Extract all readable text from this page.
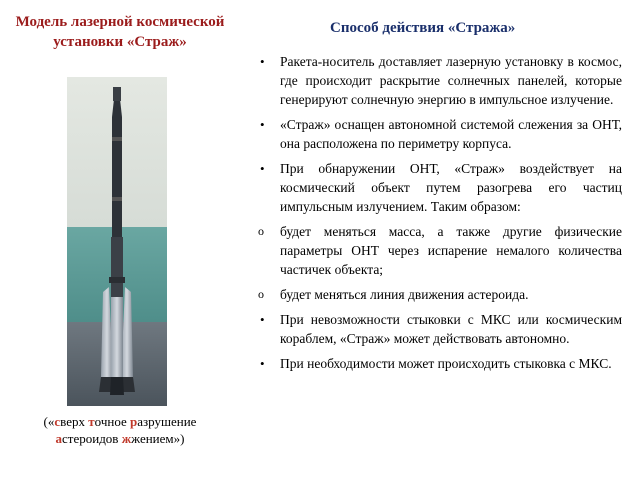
Модель лазерной космической установки «Страж»
(«сверх точное разрушение
астероидов жжением»)
Способ действия «Стража»
• Ракета-носитель доставляет лазерную установку в космос, где происходит раскрытие солнечных панелей, которые генерируют солнечную энергию в импульсное излучение.
• «Страж» оснащен автономной системой слежения за ОНТ, она расположена по периметру корпуса.
• При обнаружении ОНТ, «Страж» воздействует на космический объект путем разогрева его частиц импульсным излучением. Таким образом:
o будет меняться масса, а также другие физические параметры ОНТ через испарение немалого количества частичек объекта;
o будет меняться линия движения астероида.
• При невозможности стыковки с МКС или космическим кораблем, «Страж» может действовать автономно.
• При необходимости может происходить стыковка с МКС.
